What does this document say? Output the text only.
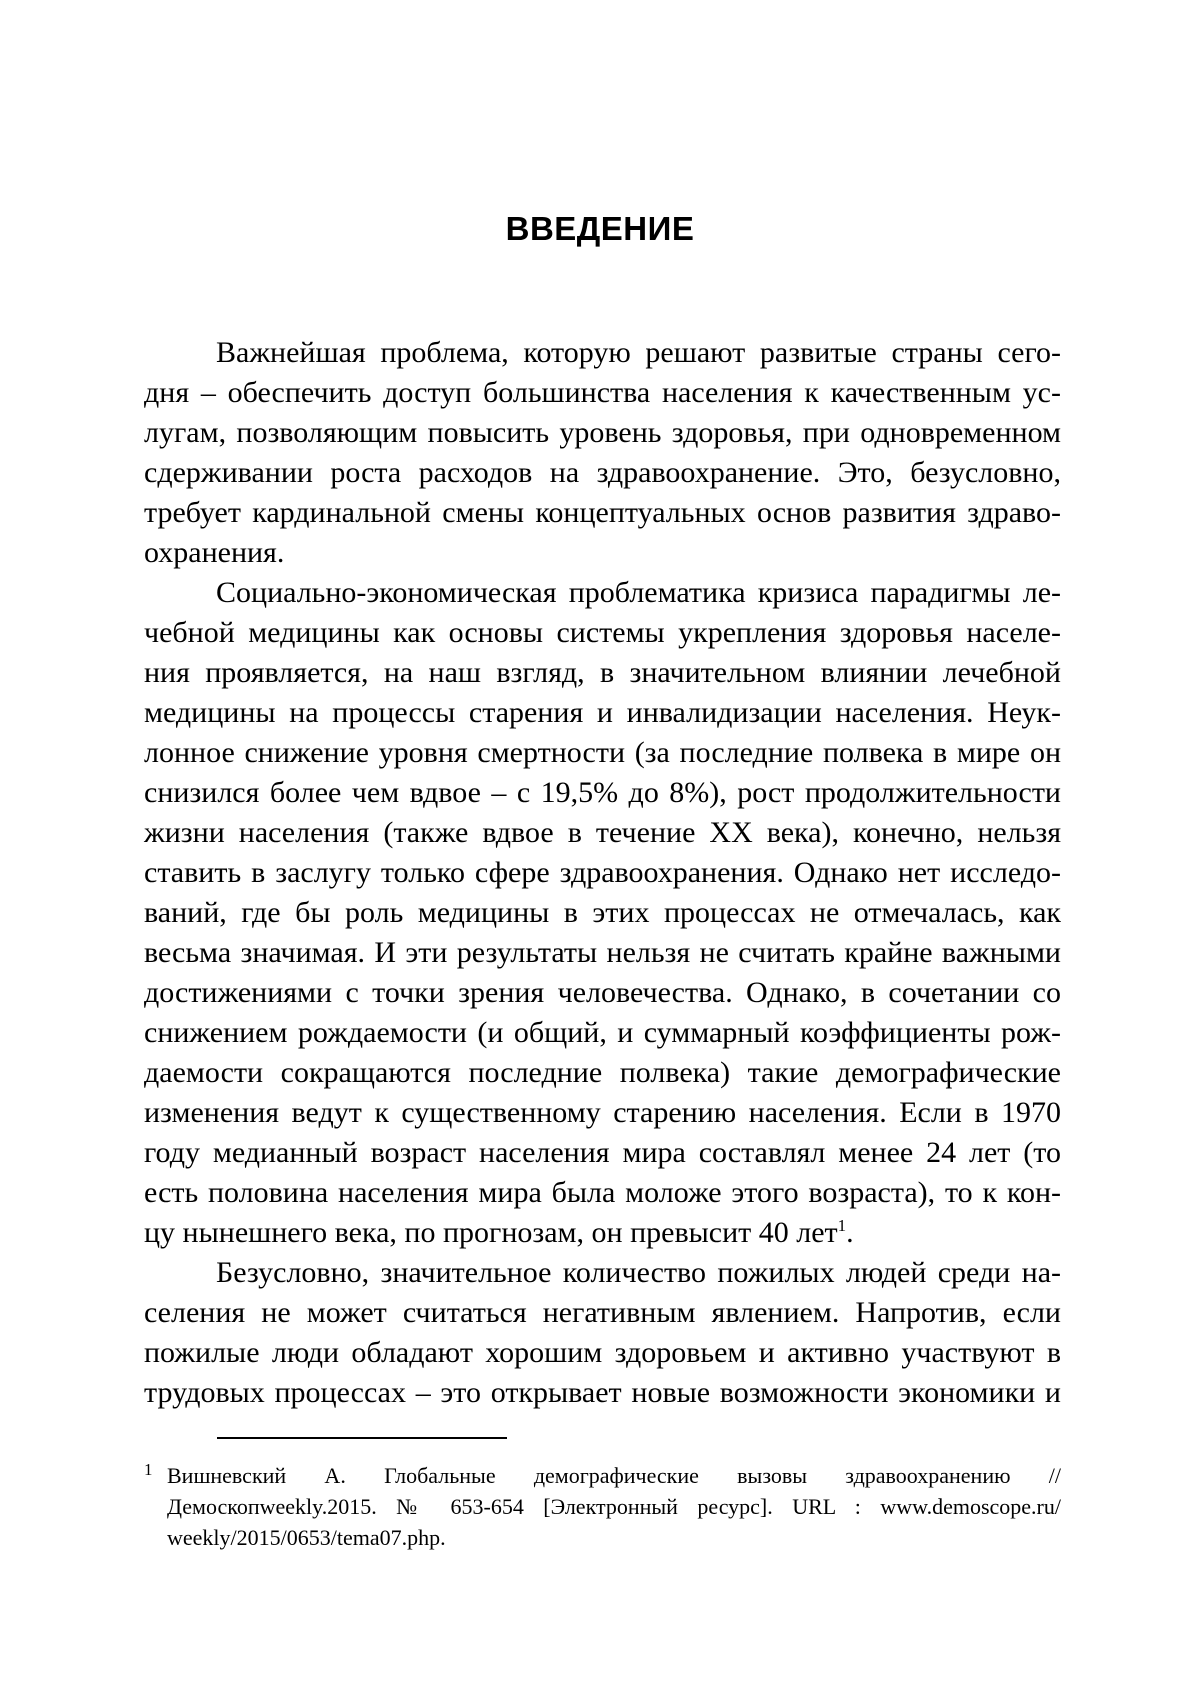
ВВЕДЕНИЕ
Важнейшая проблема, которую решают развитые страны сего-
дня – обеспечить доступ большинства населения к качественным ус-
лугам, позволяющим повысить уровень здоровья, при одновременном
сдерживании роста расходов на здравоохранение. Это, безусловно,
требует кардинальной смены концептуальных основ развития здраво-
охранения.
Социально-экономическая проблематика кризиса парадигмы ле-
чебной медицины как основы системы укрепления здоровья населе-
ния проявляется, на наш взгляд, в значительном влиянии лечебной
медицины на процессы старения и инвалидизации населения. Неук-
лонное снижение уровня смертности (за последние полвека в мире он
снизился более чем вдвое – с 19,5% до 8%), рост продолжительности
жизни населения (также вдвое в течение XX века), конечно, нельзя
ставить в заслугу только сфере здравоохранения. Однако нет исследо-
ваний, где бы роль медицины в этих процессах не отмечалась, как
весьма значимая. И эти результаты нельзя не считать крайне важными
достижениями с точки зрения человечества. Однако, в сочетании со
снижением рождаемости (и общий, и суммарный коэффициенты рож-
даемости сокращаются последние полвека) такие демографические
изменения ведут к существенному старению населения. Если в 1970
году медианный возраст населения мира составлял менее 24 лет (то
есть половина населения мира была моложе этого возраста), то к кон-
цу нынешнего века, по прогнозам, он превысит 40 лет$^1$.
Безусловно, значительное количество пожилых людей среди на-
селения не может считаться негативным явлением. Напротив, если
пожилые люди обладают хорошим здоровьем и активно участвуют в
трудовых процессах – это открывает новые возможности экономики и
1 Вишневский А. Глобальные демографические вызовы здравоохранению //
Демоскопweekly.2015. № 653-654 [Электронный ресурс]. URL : www.demoscope.ru/
weekly/2015/0653/tema07.php.
